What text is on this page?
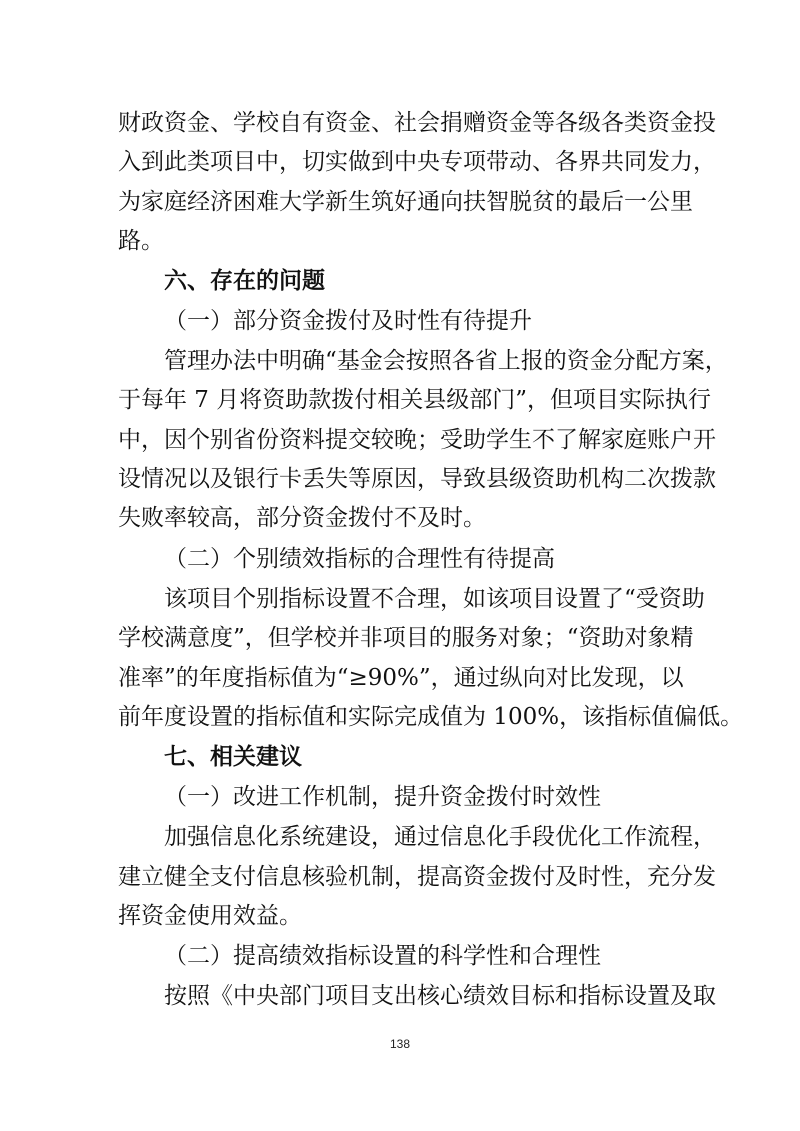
财政资金、学校自有资金、社会捐赠资金等各级各类资金投
入到此类项目中，切实做到中央专项带动、各界共同发力，
为家庭经济困难大学新生筑好通向扶智脱贫的最后一公里
路。
六、存在的问题
（一）部分资金拨付及时性有待提升
管理办法中明确“基金会按照各省上报的资金分配方案，
于每年 7 月将资助款拨付相关县级部门”，但项目实际执行
中，因个别省份资料提交较晚；受助学生不了解家庭账户开
设情况以及银行卡丢失等原因，导致县级资助机构二次拨款
失败率较高，部分资金拨付不及时。
（二）个别绩效指标的合理性有待提高
该项目个别指标设置不合理，如该项目设置了“受资助
学校满意度”，但学校并非项目的服务对象；“资助对象精
准率”的年度指标值为“≥90%”，通过纵向对比发现，以
前年度设置的指标值和实际完成值为 100%，该指标值偏低。
七、相关建议
（一）改进工作机制，提升资金拨付时效性
加强信息化系统建设，通过信息化手段优化工作流程，
建立健全支付信息核验机制，提高资金拨付及时性，充分发
挥资金使用效益。
（二）提高绩效指标设置的科学性和合理性
按照《中央部门项目支出核心绩效目标和指标设置及取
138
